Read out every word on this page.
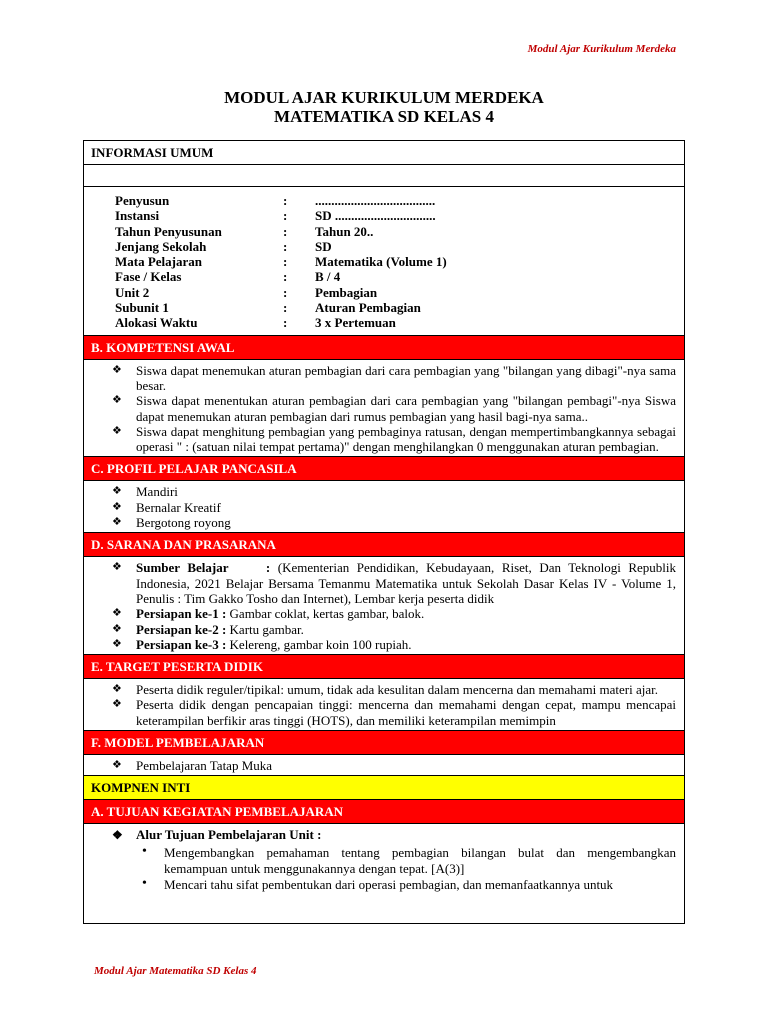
Modul Ajar Kurikulum Merdeka
MODUL AJAR KURIKULUM MERDEKA
MATEMATIKA SD KELAS 4
INFORMASI UMUM
Penyusun	:	.....................................
Instansi	:	SD ...............................
Tahun Penyusunan	:	Tahun 20..
Jenjang Sekolah	:	SD
Mata Pelajaran	:	Matematika (Volume 1)
Fase / Kelas	:	B / 4
Unit 2	:	Pembagian
Subunit 1	:	Aturan Pembagian
Alokasi Waktu	:	3 x Pertemuan
B. KOMPETENSI AWAL
❖ Siswa dapat menemukan aturan pembagian dari cara pembagian yang "bilangan yang dibagi"-nya sama besar.
❖ Siswa dapat menentukan aturan pembagian dari cara pembagian yang "bilangan pembagi"-nya Siswa dapat menemukan aturan pembagian dari rumus pembagian yang hasil bagi-nya sama..
❖ Siswa dapat menghitung pembagian yang pembaginya ratusan, dengan mempertimbangkannya sebagai operasi " : (satuan nilai tempat pertama)" dengan menghilangkan 0 menggunakan aturan pembagian.
C. PROFIL PELAJAR PANCASILA
❖ Mandiri
❖ Bernalar Kreatif
❖ Bergotong royong
D. SARANA DAN PRASARANA
❖ Sumber Belajar     : (Kementerian Pendidikan, Kebudayaan, Riset, Dan Teknologi Republik Indonesia, 2021 Belajar Bersama Temanmu Matematika untuk Sekolah Dasar Kelas IV - Volume 1, Penulis : Tim Gakko Tosho dan Internet), Lembar kerja peserta didik
❖ Persiapan ke-1 : Gambar coklat, kertas gambar, balok.
❖ Persiapan ke-2 : Kartu gambar.
❖ Persiapan ke-3 : Kelereng, gambar koin 100 rupiah.
E. TARGET PESERTA DIDIK
❖ Peserta didik reguler/tipikal: umum, tidak ada kesulitan dalam mencerna dan memahami materi ajar.
❖ Peserta didik dengan pencapaian tinggi: mencerna dan memahami dengan cepat, mampu mencapai keterampilan berfikir aras tinggi (HOTS), dan memiliki keterampilan memimpin
F. MODEL PEMBELAJARAN
❖ Pembelajaran Tatap Muka
KOMPNEN INTI
A. TUJUAN KEGIATAN PEMBELAJARAN
❖ Alur Tujuan Pembelajaran Unit :
• Mengembangkan pemahaman tentang pembagian bilangan bulat dan mengembangkan kemampuan untuk menggunakannya dengan tepat. [A(3)]
• Mencari tahu sifat pembentukan dari operasi pembagian, dan memanfaatkannya untuk
Modul Ajar Matematika SD Kelas 4
